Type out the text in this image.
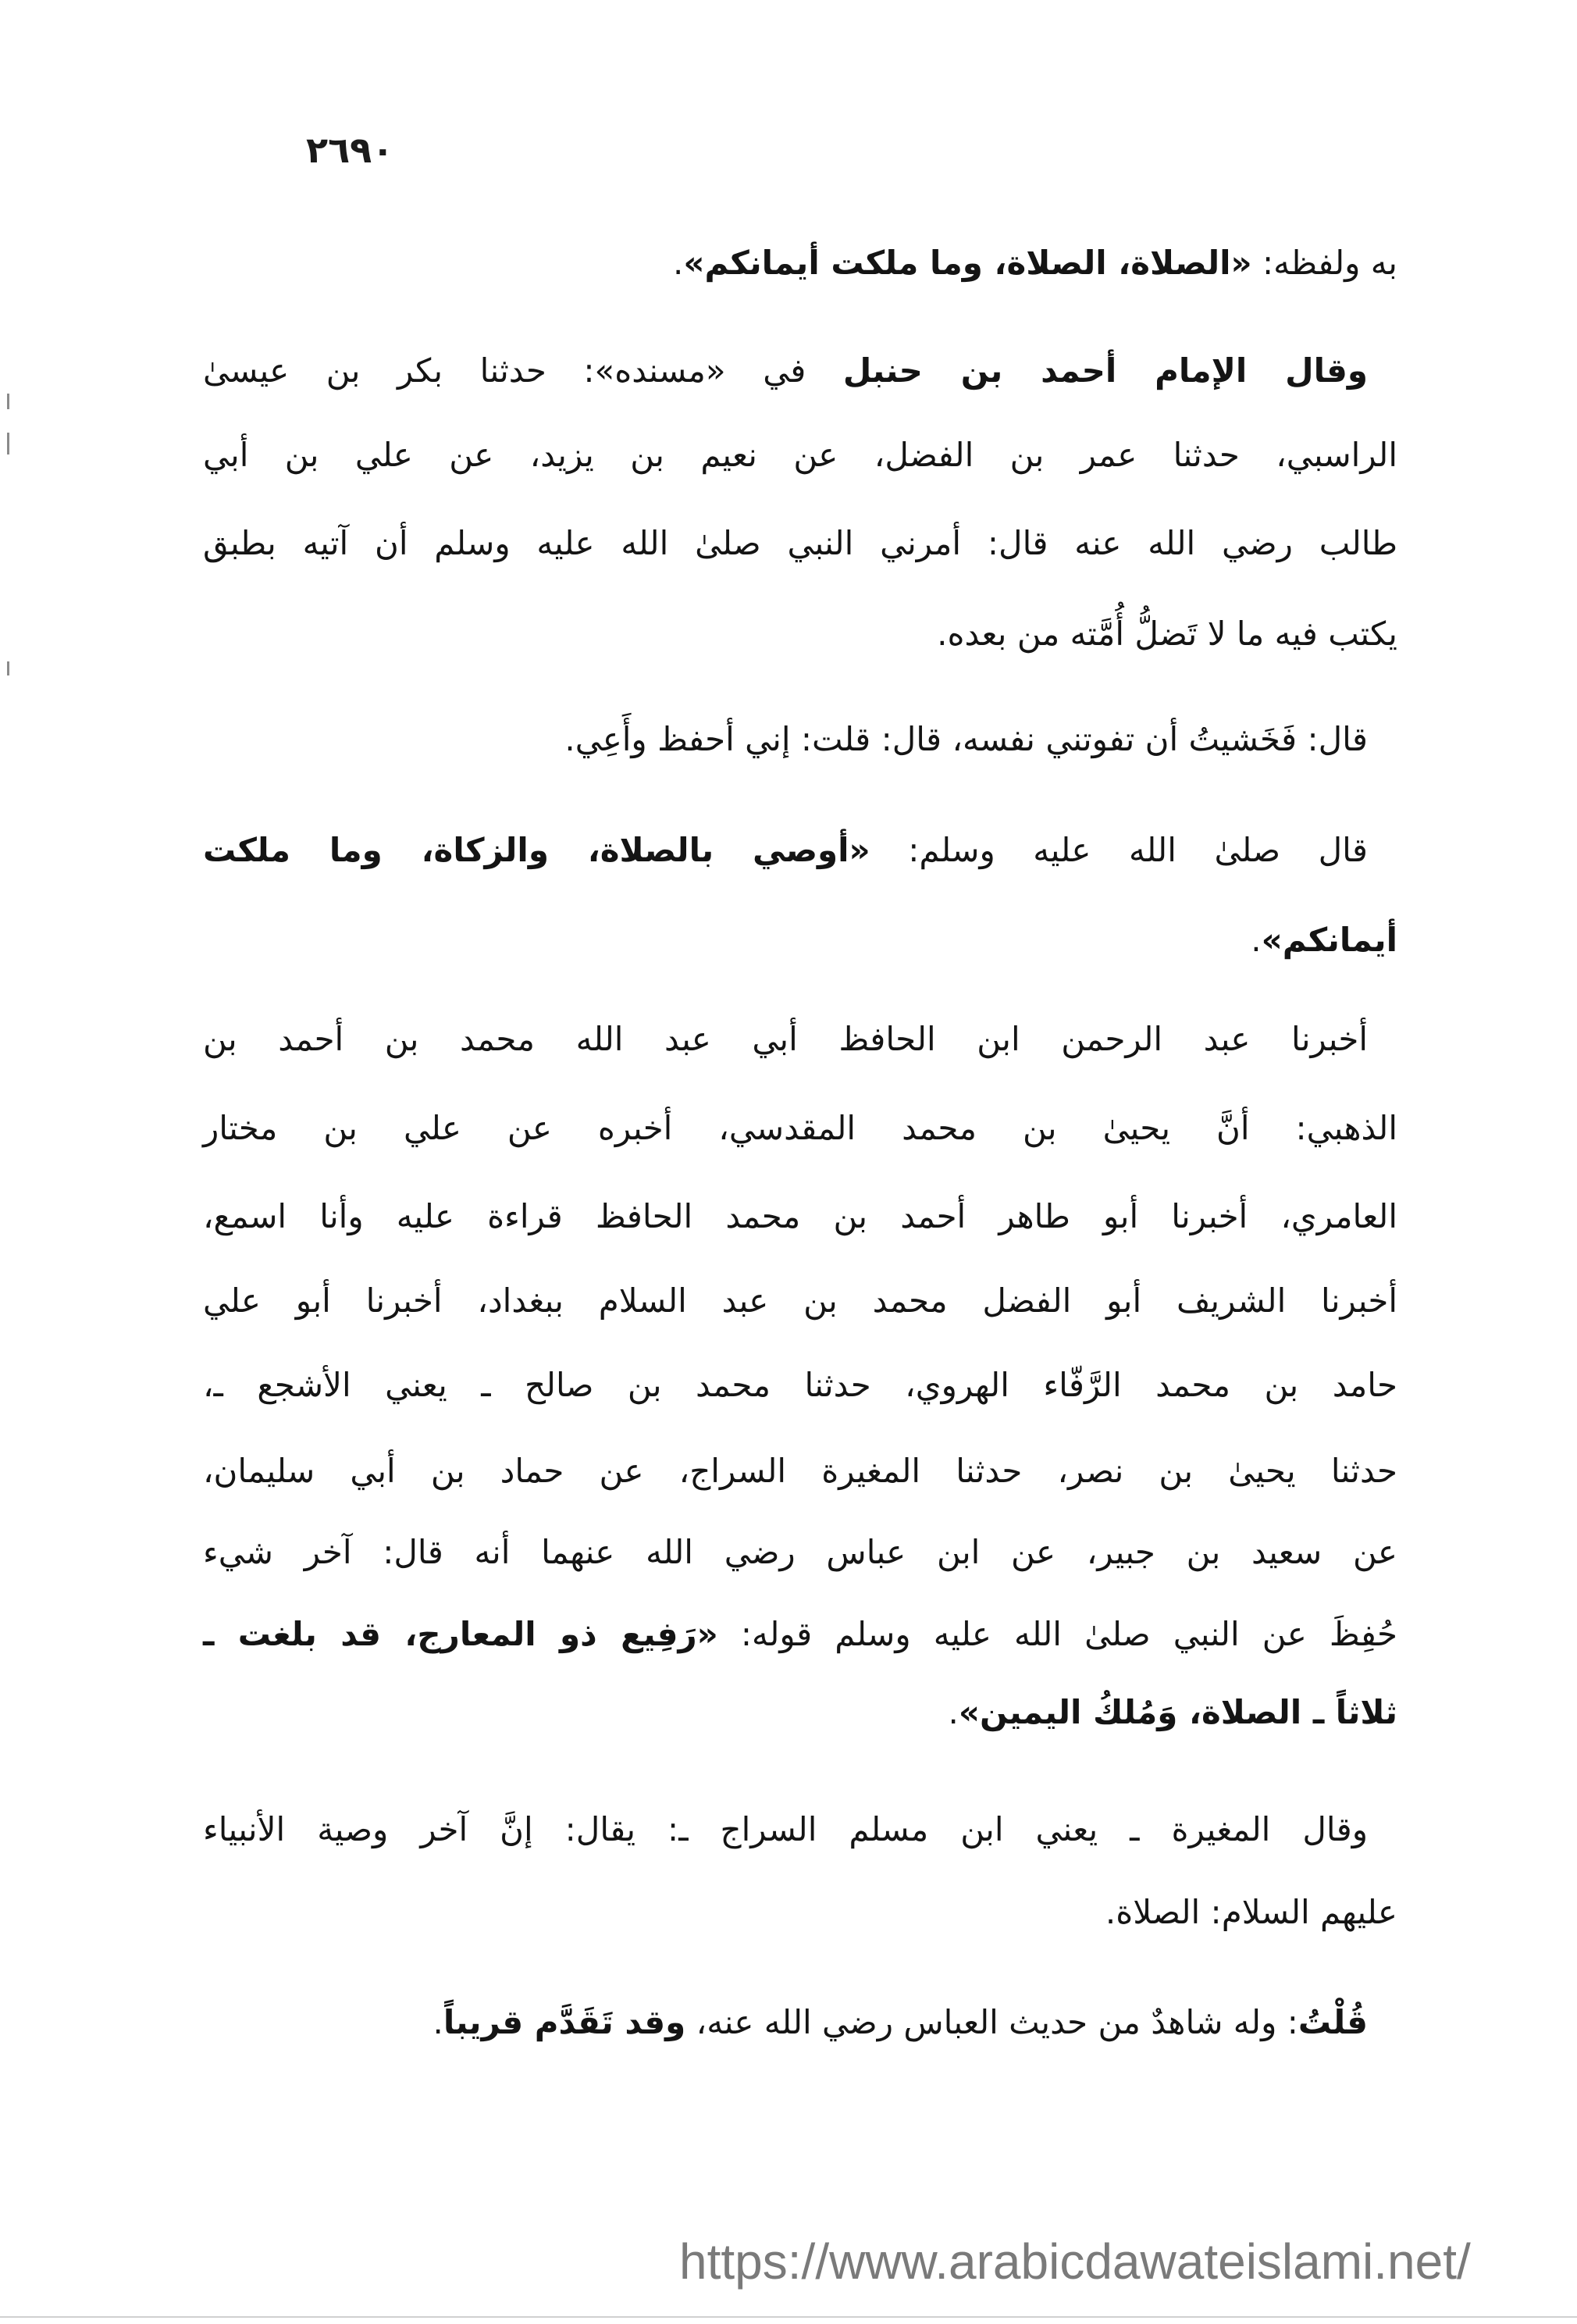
٢٦٩٠
به ولفظه: «الصلاة، الصلاة، وما ملكت أيمانكم».
وقال الإمام أحمد بن حنبل في «مسنده»: حدثنا بكر بن عيسىٰ
الراسبي، حدثنا عمر بن الفضل، عن نعيم بن يزيد، عن علي بن أبي
طالب رضي الله عنه قال: أمرني النبي صلىٰ الله عليه وسلم أن آتيه بطبق
يكتب فيه ما لا تَضلُّ أُمَّته من بعده.
قال: فَخَشيتُ أن تفوتني نفسه، قال: قلت: إني أحفظ وأَعِي.
قال صلىٰ الله عليه وسلم: «أوصي بالصلاة، والزكاة، وما ملكت
أيمانكم».
أخبرنا عبد الرحمن ابن الحافظ أبي عبد الله محمد بن أحمد بن
الذهبي: أنَّ يحيىٰ بن محمد المقدسي، أخبره عن علي بن مختار
العامري، أخبرنا أبو طاهر أحمد بن محمد الحافظ قراءة عليه وأنا اسمع،
أخبرنا الشريف أبو الفضل محمد بن عبد السلام ببغداد، أخبرنا أبو علي
حامد بن محمد الرَّفّاء الهروي، حدثنا محمد بن صالح ـ يعني الأشجع ـ،
حدثنا يحيىٰ بن نصر، حدثنا المغيرة السراج، عن حماد بن أبي سليمان،
عن سعيد بن جبير، عن ابن عباس رضي الله عنهما أنه قال: آخر شيء
حُفِظَ عن النبي صلىٰ الله عليه وسلم قوله: «رَفِيع ذو المعارج، قد بلغت ـ
ثلاثاً ـ الصلاة، وَمُلكُ اليمين».
وقال المغيرة ـ يعني ابن مسلم السراج ـ: يقال: إنَّ آخر وصية الأنبياء
عليهم السلام: الصلاة.
قُلْتُ: وله شاهدٌ من حديث العباس رضي الله عنه، وقد تَقَدَّم قريباً.
https://www.arabicdawateislami.net/
